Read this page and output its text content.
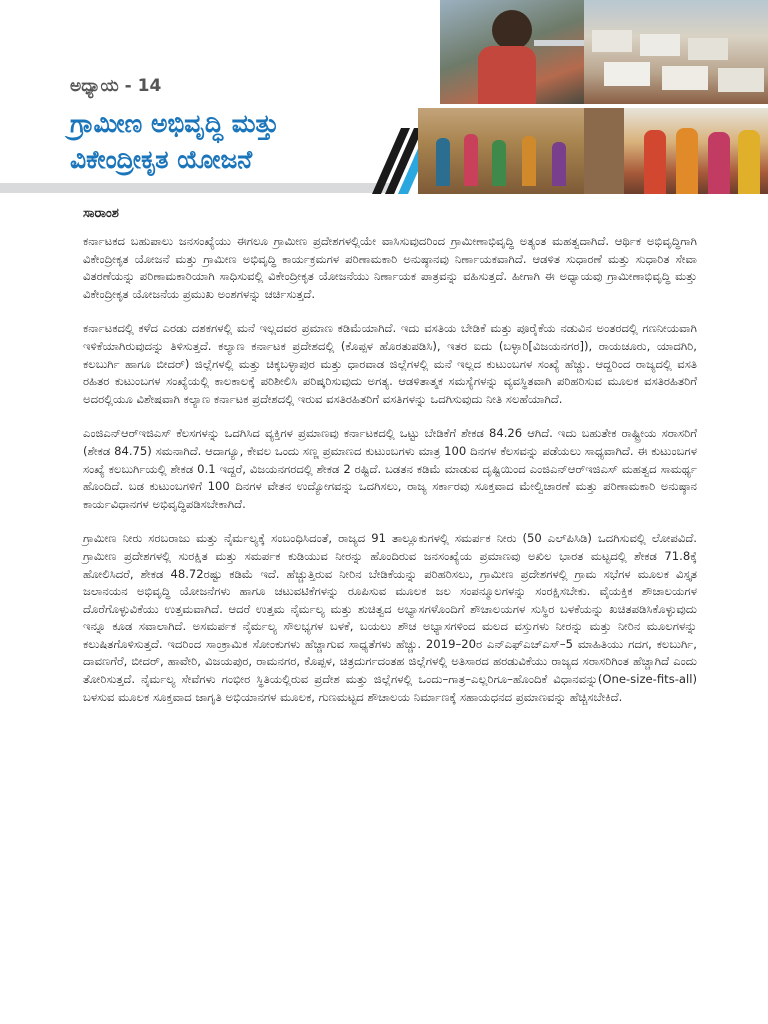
ಅಧ್ಯಾಯ - 14
ಗ್ರಾಮೀಣ ಅಭಿವೃದ್ಧಿ ಮತ್ತು
ವಿಕೇಂದ್ರೀಕೃತ ಯೋಜನೆ
ಸಾರಾಂಶ

ಕರ್ನಾಟಕದ ಬಹುಪಾಲು ಜನಸಂಖ್ಯೆಯು ಈಗಲೂ ಗ್ರಾಮೀಣ ಪ್ರದೇಶಗಳಲ್ಲಿಯೇ ವಾಸಿಸುವುದರಿಂದ ಗ್ರಾಮೀಣಾಭಿವೃದ್ಧಿ ಅತ್ಯಂತ ಮಹತ್ವದಾಗಿದೆ. ಆರ್ಥಿಕ ಅಭಿವೃದ್ಧಿಗಾಗಿ ವಿಕೇಂದ್ರೀಕೃತ ಯೋಜನೆ ಮತ್ತು ಗ್ರಾಮೀಣ ಅಭಿವೃದ್ಧಿ ಕಾರ್ಯಕ್ರಮಗಳ ಪರಿಣಾಮಕಾರಿ ಅನುಷ್ಠಾನವು ನಿರ್ಣಾಯಕವಾಗಿದೆ. ಆಡಳಿತ ಸುಧಾರಣೆ ಮತ್ತು ಸುಧಾರಿತ ಸೇವಾ ವಿತರಣೆಯನ್ನು ಪರಿಣಾಮಕಾರಿಯಾಗಿ ಸಾಧಿಸುವಲ್ಲಿ ವಿಕೇಂದ್ರೀಕೃತ ಯೋಜನೆಯು ನಿರ್ಣಾಯಕ ಪಾತ್ರವನ್ನು ವಹಿಸುತ್ತದೆ. ಹೀಗಾಗಿ ಈ ಅಧ್ಯಾಯವು ಗ್ರಾಮೀಣಾಭಿವೃದ್ಧಿ ಮತ್ತು ವಿಕೇಂದ್ರೀಕೃತ ಯೋಜನೆಯ ಪ್ರಮುಖ ಅಂಶಗಳನ್ನು ಚರ್ಚಿಸುತ್ತದೆ.

ಕರ್ನಾಟಕದಲ್ಲಿ ಕಳೆದ ಎರಡು ದಶಕಗಳಲ್ಲಿ ಮನೆ ಇಲ್ಲದವರ ಪ್ರಮಾಣ ಕಡಿಮೆಯಾಗಿದೆ. ಇದು ವಸತಿಯ ಬೇಡಿಕೆ ಮತ್ತು ಪೂರೈಕೆಯ ನಡುವಿನ ಅಂತರದಲ್ಲಿ ಗಣನೀಯವಾಗಿ ಇಳಿಕೆಯಾಗಿರುವುದನ್ನು ತಿಳಿಸುತ್ತದೆ. ಕಲ್ಯಾಣ ಕರ್ನಾಟಕ ಪ್ರದೇಶದಲ್ಲಿ (ಕೊಪ್ಪಳ ಹೊರತುಪಡಿಸಿ), ಇತರ ಐದು (ಬಳ್ಳಾರಿ[ವಿಜಯನಗರ]), ರಾಯಚೂರು, ಯಾದಗಿರಿ, ಕಲಬುರ್ಗಿ ಹಾಗೂ ಬೀದರ್) ಜಿಲ್ಲೆಗಳಲ್ಲಿ ಮತ್ತು ಚಿಕ್ಕಬಳ್ಳಾಪುರ ಮತ್ತು ಧಾರವಾಡ ಜಿಲ್ಲೆಗಳಲ್ಲಿ ಮನೆ ಇಲ್ಲದ ಕುಟುಂಬಗಳ ಸಂಖ್ಯೆ ಹೆಚ್ಚು. ಆದ್ದರಿಂದ ರಾಜ್ಯದಲ್ಲಿ ವಸತಿ ರಹಿತರ ಕುಟುಂಬಗಳ ಸಂಖ್ಯೆಯಲ್ಲಿ ಕಾಲಕಾಲಕ್ಕೆ ಪರಿಶೀಲಿಸಿ ಪರಿಷ್ಕರಿಸುವುದು ಅಗತ್ಯ. ಆಡಳಿತಾತ್ಮಕ ಸಮಸ್ಯೆಗಳನ್ನು ವ್ಯವಸ್ಥಿತವಾಗಿ ಪರಿಹರಿಸುವ ಮೂಲಕ ವಸತಿರಹಿತರಿಗೆ ಅದರಲ್ಲಿಯೂ ವಿಶೇಷವಾಗಿ ಕಲ್ಯಾಣ ಕರ್ನಾಟಕ ಪ್ರದೇಶದಲ್ಲಿ ಇರುವ ವಸತಿರಹಿತರಿಗೆ ವಸತಿಗಳನ್ನು ಒದಗಿಸುವುದು ನೀತಿ ಸಲಹೆಯಾಗಿದೆ.

ಎಂಜಿಎನ್‌ಆರ್‌ಇಜಿಎಸ್ ಕೆಲಸಗಳನ್ನು ಒದಗಿಸಿದ ವ್ಯಕ್ತಿಗಳ ಪ್ರಮಾಣವು ಕರ್ನಾಟಕದಲ್ಲಿ ಒಟ್ಟು ಬೇಡಿಕೆಗೆ ಶೇಕಡ 84.26 ಆಗಿದೆ. ಇದು ಬಹುತೇಕ ರಾಷ್ಟ್ರೀಯ ಸರಾಸರಿಗೆ (ಶೇಕಡ 84.75) ಸಮನಾಗಿದೆ. ಆದಾಗ್ಯೂ, ಕೇವಲ ಒಂದು ಸಣ್ಣ ಪ್ರಮಾಣದ ಕುಟುಂಬಗಳು ಮಾತ್ರ 100 ದಿನಗಳ ಕೆಲಸವನ್ನು ಪಡೆಯಲು ಸಾಧ್ಯವಾಗಿದೆ. ಈ ಕುಟುಂಬಗಳ ಸಂಖ್ಯೆ ಕಲಬುರ್ಗಿಯಲ್ಲಿ ಶೇಕಡ 0.1 ಇದ್ದರೆ, ವಿಜಯನಗರದಲ್ಲಿ ಶೇಕಡ 2 ರಷ್ಟಿದೆ. ಬಡತನ ಕಡಿಮೆ ಮಾಡುವ ದೃಷ್ಟಿಯಿಂದ ಎಂಜಿಎನ್‌ಆರ್‌ಇಜಿಎಸ್ ಮಹತ್ವದ ಸಾಮರ್ಥ್ಯ ಹೊಂದಿದೆ. ಬಡ ಕುಟುಂಬಗಳಿಗೆ 100 ದಿನಗಳ ವೇತನ ಉದ್ಯೋಗವನ್ನು ಒದಗಿಸಲು, ರಾಜ್ಯ ಸರ್ಕಾರವು ಸೂಕ್ತವಾದ ಮೇಲ್ವಿಚಾರಣೆ ಮತ್ತು ಪರಿಣಾಮಕಾರಿ ಅನುಷ್ಠಾನ ಕಾರ್ಯವಿಧಾನಗಳ ಅಭಿವೃದ್ಧಿಪಡಿಸಬೇಕಾಗಿದೆ.

ಗ್ರಾಮೀಣ ನೀರು ಸರಬರಾಜು ಮತ್ತು ನೈರ್ಮಲ್ಯಕ್ಕೆ ಸಂಬಂಧಿಸಿದಂತೆ, ರಾಜ್ಯದ 91 ತಾಲ್ಲೂಕುಗಳಲ್ಲಿ ಸಮರ್ಪಕ ನೀರು (50 ಎಲ್‌ಪಿಸಿಡಿ) ಒದಗಿಸುವಲ್ಲಿ ಲೋಪವಿದೆ. ಗ್ರಾಮೀಣ ಪ್ರದೇಶಗಳಲ್ಲಿ ಸುರಕ್ಷಿತ ಮತ್ತು ಸಮರ್ಪಕ ಕುಡಿಯುವ ನೀರನ್ನು ಹೊಂದಿರುವ ಜನಸಂಖ್ಯೆಯ ಪ್ರಮಾಣವು ಅಖಿಲ ಭಾರತ ಮಟ್ಟದಲ್ಲಿ ಶೇಕಡ 71.8ಕ್ಕೆ ಹೋಲಿಸಿದರೆ, ಶೇಕಡ 48.72ರಷ್ಟು ಕಡಿಮೆ ಇದೆ. ಹೆಚ್ಚುತ್ತಿರುವ ನೀರಿನ ಬೇಡಿಕೆಯನ್ನು ಪರಿಹರಿಸಲು, ಗ್ರಾಮೀಣ ಪ್ರದೇಶಗಳಲ್ಲಿ ಗ್ರಾಮ ಸಭೆಗಳ ಮೂಲಕ ವಿಸ್ತೃತ ಜಲಾನಯನ ಅಭಿವೃದ್ಧಿ ಯೋಜನೆಗಳು ಹಾಗೂ ಚಟುವಟಿಕೆಗಳನ್ನು ರೂಪಿಸುವ ಮೂಲಕ ಜಲ ಸಂಪನ್ಮೂಲಗಳನ್ನು ಸಂರಕ್ಷಿಸಬೇಕು. ವೈಯಕ್ತಿಕ ಶೌಚಾಲಯಗಳ ದೊರೆಗೊಳ್ಳುವಿಕೆಯು ಉತ್ತಮವಾಗಿದೆ. ಆದರೆ ಉತ್ತಮ ನೈರ್ಮಲ್ಯ ಮತ್ತು ಶುಚಿತ್ವದ ಅಭ್ಯಾಸಗಳೊಂದಿಗೆ ಶೌಚಾಲಯಗಳ ಸುಸ್ಥಿರ ಬಳಕೆಯನ್ನು ಖಚಿತಪಡಿಸಿಕೊಳ್ಳುವುದು ಇನ್ನೂ ಕೂಡ ಸವಾಲಾಗಿದೆ. ಅಸಮರ್ಪಕ ನೈರ್ಮಲ್ಯ ಸೌಲಭ್ಯಗಳ ಬಳಕೆ, ಬಯಲು ಶೌಚ ಅಭ್ಯಾಸಗಳಿಂದ ಮಲದ ವಸ್ತುಗಳು ನೀರನ್ನು ಮತ್ತು ನೀರಿನ ಮೂಲಗಳನ್ನು ಕಲುಷಿತಗೊಳಿಸುತ್ತದೆ. ಇದರಿಂದ ಸಾಂಕ್ರಾಮಿಕ ಸೋಂಕುಗಳು ಹೆಚ್ಚಾಗುವ ಸಾಧ್ಯತೆಗಳು ಹೆಚ್ಚು. 2019–20ರ ಎನ್‌ಎಫ್‌ಎಚ್‌ಎಸ್–5 ಮಾಹಿತಿಯು ಗದಗ, ಕಲಬುರ್ಗಿ, ದಾವಣಗೆರೆ, ಬೀದರ್, ಹಾವೇರಿ, ವಿಜಯಪುರ, ರಾಮನಗರ, ಕೊಪ್ಪಳ, ಚಿತ್ರದುರ್ಗದಂತಹ ಜಿಲ್ಲೆಗಳಲ್ಲಿ ಅತಿಸಾರದ ಹರಡುವಿಕೆಯು ರಾಜ್ಯದ ಸರಾಸರಿಗಿಂತ ಹೆಚ್ಚಾಗಿದೆ ಎಂದು ತೋರಿಸುತ್ತದೆ. ನೈರ್ಮಲ್ಯ ಸೇವೆಗಳು ಗಂಭೀರ ಸ್ಥಿತಿಯಲ್ಲಿರುವ ಪ್ರದೇಶ ಮತ್ತು ಜಿಲ್ಲೆಗಳಲ್ಲಿ ಒಂದು–ಗಾತ್ರ–ಎಲ್ಲರಿಗೂ–ಹೊಂದಿಕೆ ವಿಧಾನವನ್ನು(One-size-fits-all) ಬಳಸುವ ಮೂಲಕ ಸೂಕ್ತವಾದ ಜಾಗೃತಿ ಅಭಿಯಾನಗಳ ಮೂಲಕ, ಗುಣಮಟ್ಟದ ಶೌಚಾಲಯ ನಿರ್ಮಾಣಕ್ಕೆ ಸಹಾಯಧನದ ಪ್ರಮಾಣವನ್ನು ಹೆಚ್ಚಿಸಬೇಕಿದೆ.
